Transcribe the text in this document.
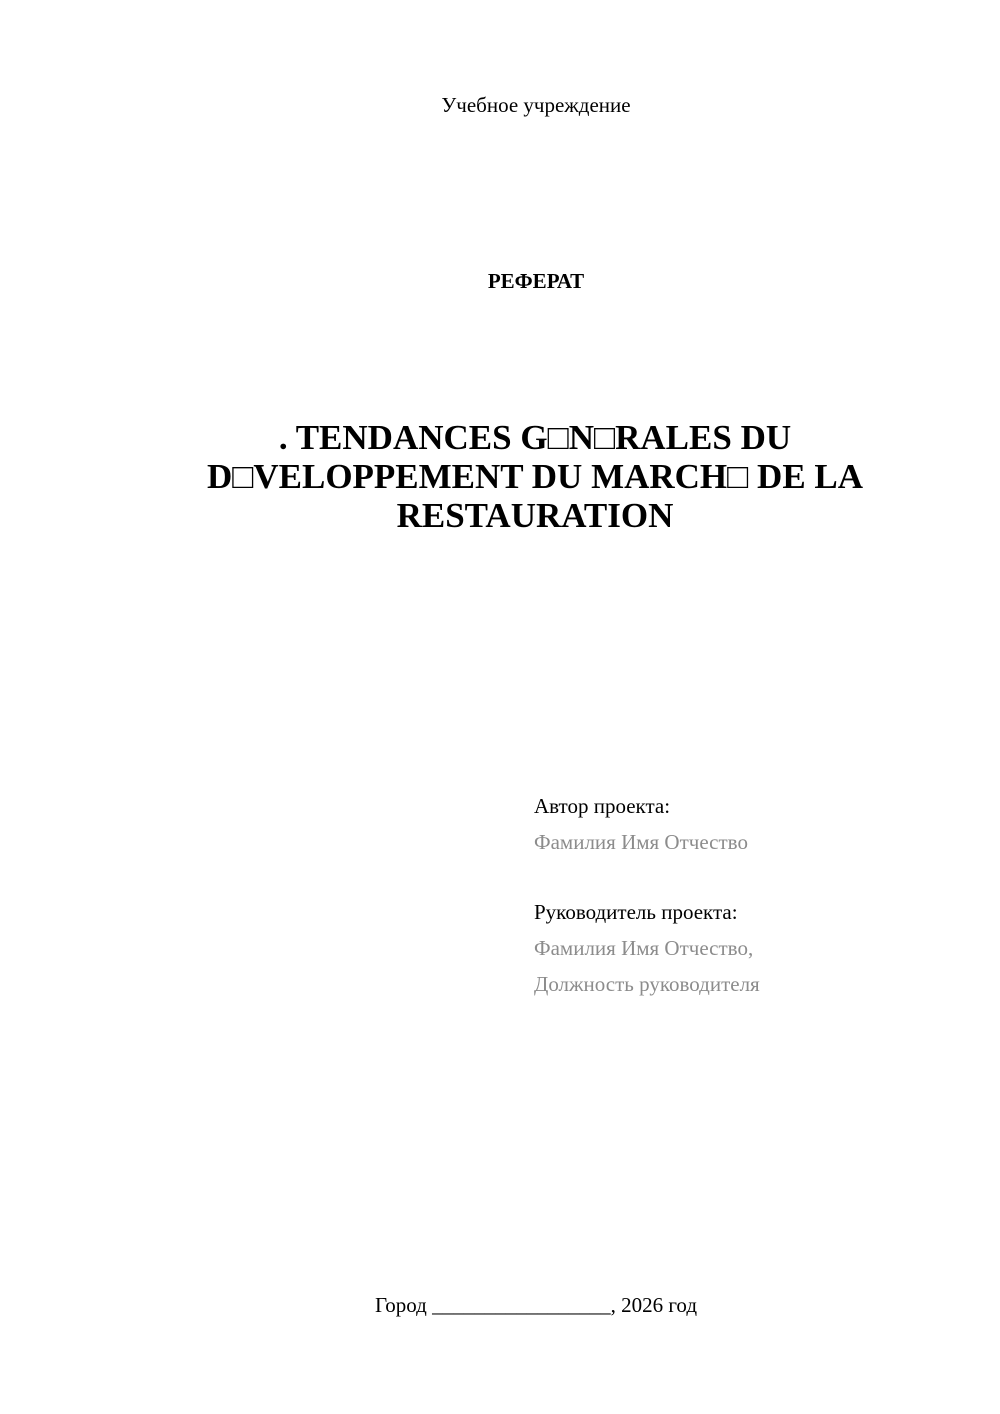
Учебное учреждение
РЕФЕРАТ
. TENDANCES G□N□RALES DU
D□VELOPPEMENT DU MARCH□ DE LA
RESTAURATION
Автор проекта:
Фамилия Имя Отчество
Руководитель проекта:
Фамилия Имя Отчество,
Должность руководителя
Город _________________, 2026 год
